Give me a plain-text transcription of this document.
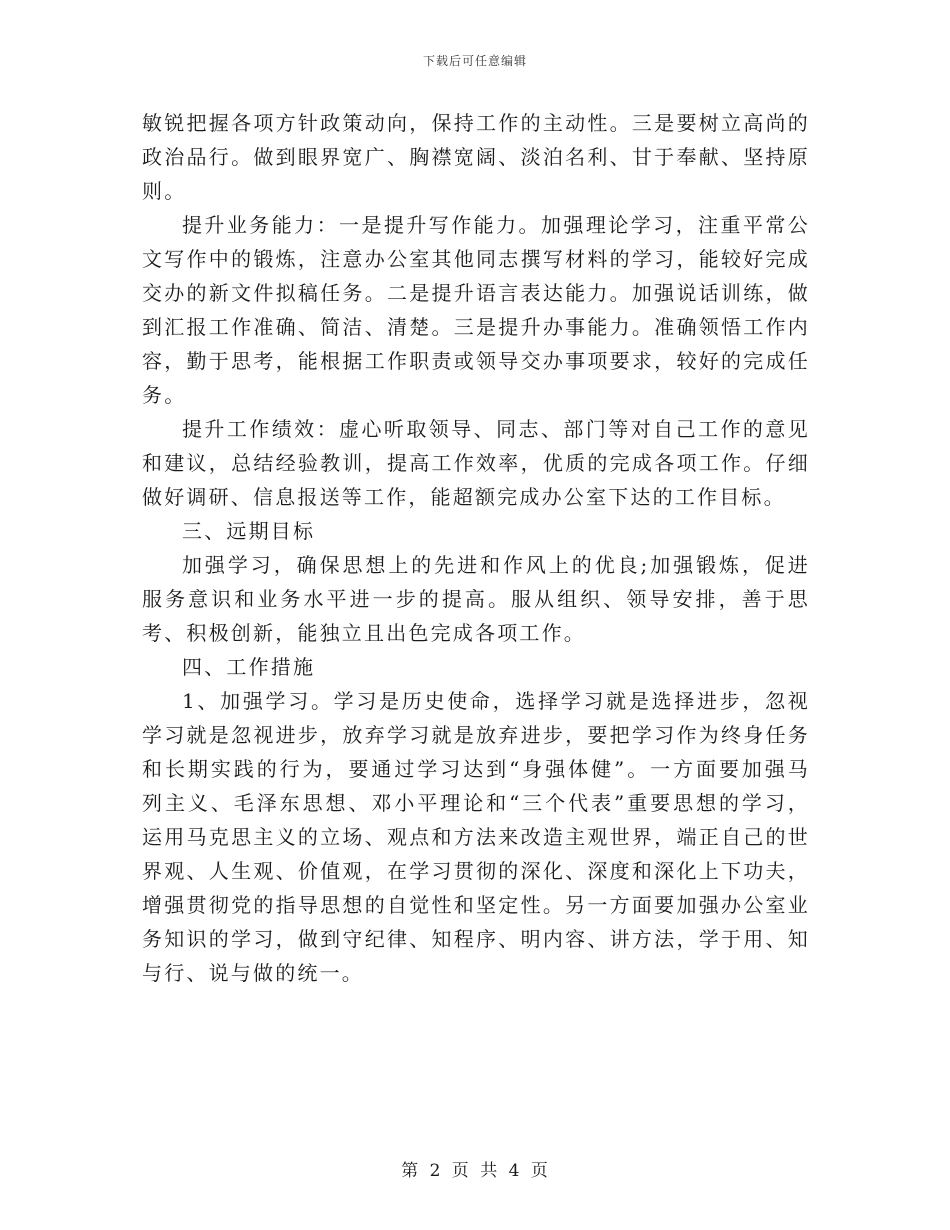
下载后可任意编辑

敏锐把握各项方针政策动向，保持工作的主动性。三是要树立高尚的政治品行。做到眼界宽广、胸襟宽阔、淡泊名利、甘于奉献、坚持原则。

提升业务能力：一是提升写作能力。加强理论学习，注重平常公文写作中的锻炼，注意办公室其他同志撰写材料的学习，能较好完成交办的新文件拟稿任务。二是提升语言表达能力。加强说话训练，做到汇报工作准确、简洁、清楚。三是提升办事能力。准确领悟工作内容，勤于思考，能根据工作职责或领导交办事项要求，较好的完成任务。

提升工作绩效：虚心听取领导、同志、部门等对自己工作的意见和建议，总结经验教训，提高工作效率，优质的完成各项工作。仔细做好调研、信息报送等工作，能超额完成办公室下达的工作目标。

三、远期目标

加强学习，确保思想上的先进和作风上的优良;加强锻炼，促进服务意识和业务水平进一步的提高。服从组织、领导安排，善于思考、积极创新，能独立且出色完成各项工作。

四、工作措施

1、加强学习。学习是历史使命，选择学习就是选择进步，忽视学习就是忽视进步，放弃学习就是放弃进步，要把学习作为终身任务和长期实践的行为，要通过学习达到“身强体健”。一方面要加强马列主义、毛泽东思想、邓小平理论和“三个代表”重要思想的学习，运用马克思主义的立场、观点和方法来改造主观世界，端正自己的世界观、人生观、价值观，在学习贯彻的深化、深度和深化上下功夫，增强贯彻党的指导思想的自觉性和坚定性。另一方面要加强办公室业务知识的学习，做到守纪律、知程序、明内容、讲方法，学于用、知与行、说与做的统一。

第 2 页 共 4 页
